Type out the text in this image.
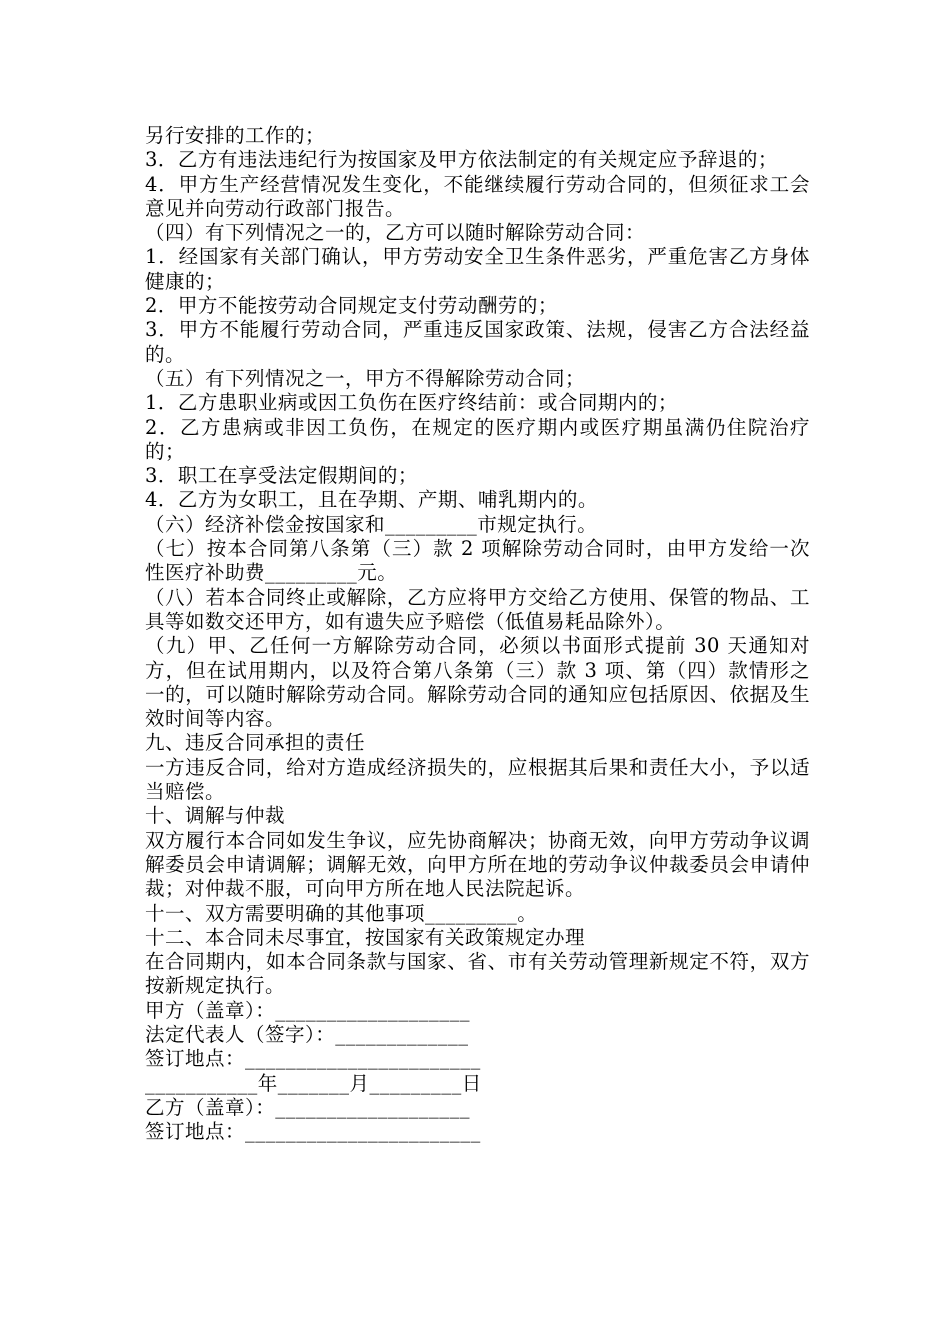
另行安排的工作的；

3．乙方有违法违纪行为按国家及甲方依法制定的有关规定应予辞退的；

4．甲方生产经营情况发生变化，不能继续履行劳动合同的，但须征求工会意见并向劳动行政部门报告。

（四）有下列情况之一的，乙方可以随时解除劳动合同：

1．经国家有关部门确认，甲方劳动安全卫生条件恶劣，严重危害乙方身体健康的；

2．甲方不能按劳动合同规定支付劳动酬劳的；

3．甲方不能履行劳动合同，严重违反国家政策、法规，侵害乙方合法经益的。

（五）有下列情况之一，甲方不得解除劳动合同；

1．乙方患职业病或因工负伤在医疗终结前：或合同期内的；

2．乙方患病或非因工负伤，在规定的医疗期内或医疗期虽满仍住院治疗的；

3．职工在享受法定假期间的；

4．乙方为女职工，且在孕期、产期、哺乳期内的。

（六）经济补偿金按国家和_________市规定执行。

（七）按本合同第八条第（三）款 2 项解除劳动合同时，由甲方发给一次性医疗补助费_________元。

（八）若本合同终止或解除，乙方应将甲方交给乙方使用、保管的物品、工具等如数交还甲方，如有遗失应予赔偿（低值易耗品除外）。

（九）甲、乙任何一方解除劳动合同，必须以书面形式提前 30 天通知对方，但在试用期内，以及符合第八条第（三）款 3 项、第（四）款情形之一的，可以随时解除劳动合同。解除劳动合同的通知应包括原因、依据及生效时间等内容。

九、违反合同承担的责任

一方违反合同，给对方造成经济损失的，应根据其后果和责任大小，予以适当赔偿。

十、调解与仲裁

双方履行本合同如发生争议，应先协商解决；协商无效，向甲方劳动争议调解委员会申请调解；调解无效，向甲方所在地的劳动争议仲裁委员会申请仲裁；对仲裁不服，可向甲方所在地人民法院起诉。

十一、双方需要明确的其他事项_________。

十二、本合同未尽事宜，按国家有关政策规定办理

在合同期内，如本合同条款与国家、省、市有关劳动管理新规定不符，双方按新规定执行。

甲方（盖章）：___________________
法定代表人（签字）：_____________
签订地点：_______________________
___________年_______月_________日
乙方（盖章）：___________________
签订地点：_______________________
